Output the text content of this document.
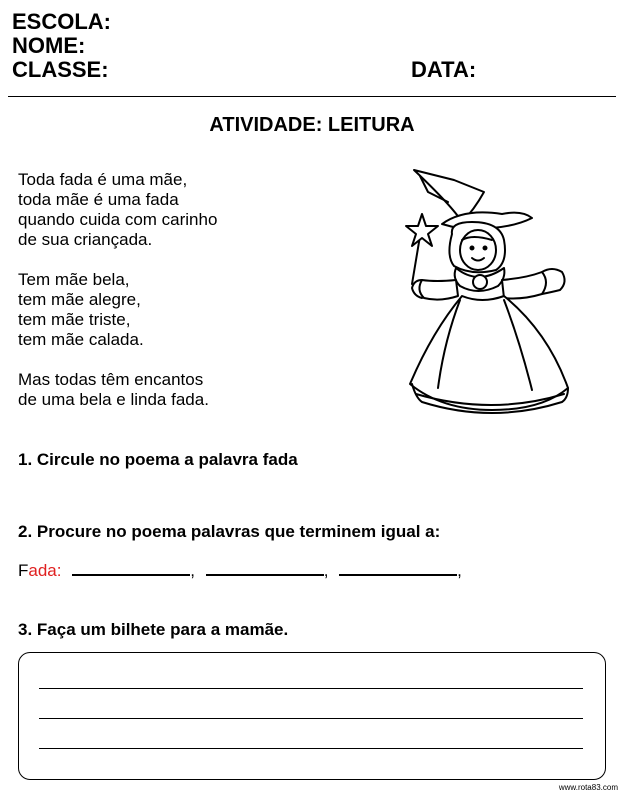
ESCOLA:
NOME:
CLASSE:	DATA:
ATIVIDADE: LEITURA
Toda fada é uma mãe,
toda mãe é uma fada
quando cuida com carinho
de sua criançada.
Tem mãe bela,
tem mãe alegre,
tem mãe triste,
tem mãe calada.
Mas todas têm encantos
de uma bela e linda fada.
1. Circule no poema a palavra fada
2. Procure no poema palavras que terminem igual a:
Fada:	,	,	,
3. Faça um bilhete para a mamãe.
www.rota83.com
